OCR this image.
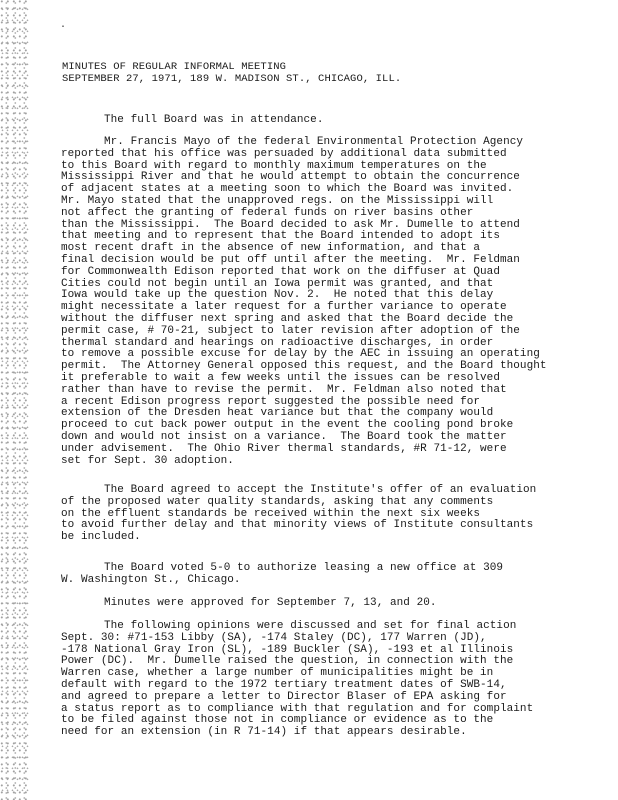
.
MINUTES OF REGULAR INFORMAL MEETING
SEPTEMBER 27, 1971, 189 W. MADISON ST., CHICAGO, ILL.
The full Board was in attendance.
Mr. Francis Mayo of the federal Environmental Protection Agency
reported that his office was persuaded by additional data submitted
to this Board with regard to monthly maximum temperatures on the
Mississippi River and that he would attempt to obtain the concurrence
of adjacent states at a meeting soon to which the Board was invited.
Mr. Mayo stated that the unapproved regs. on the Mississippi will
not affect the granting of federal funds on river basins other
than the Mississippi.  The Board decided to ask Mr. Dumelle to attend
that meeting and to represent that the Board intended to adopt its
most recent draft in the absence of new information, and that a
final decision would be put off until after the meeting.  Mr. Feldman
for Commonwealth Edison reported that work on the diffuser at Quad
Cities could not begin until an Iowa permit was granted, and that
Iowa would take up the question Nov. 2.  He noted that this delay
might necessitate a later request for a further variance to operate
without the diffuser next spring and asked that the Board decide the
permit case, # 70-21, subject to later revision after adoption of the
thermal standard and hearings on radioactive discharges, in order
to remove a possible excuse for delay by the AEC in issuing an operating
permit.  The Attorney General opposed this request, and the Board thought
it preferable to wait a few weeks until the issues can be resolved
rather than have to revise the permit.  Mr. Feldman also noted that
a recent Edison progress report suggested the possible need for
extension of the Dresden heat variance but that the company would
proceed to cut back power output in the event the cooling pond broke
down and would not insist on a variance.  The Board took the matter
under advisement.  The Ohio River thermal standards, #R 71-12, were
set for Sept. 30 adoption.
The Board agreed to accept the Institute's offer of an evaluation
of the proposed water quality standards, asking that any comments
on the effluent standards be received within the next six weeks
to avoid further delay and that minority views of Institute consultants
be included.
The Board voted 5-0 to authorize leasing a new office at 309
W. Washington St., Chicago.
Minutes were approved for September 7, 13, and 20.
The following opinions were discussed and set for final action
Sept. 30: #71-153 Libby (SA), -174 Staley (DC), 177 Warren (JD),
-178 National Gray Iron (SL), -189 Buckler (SA), -193 et al Illinois
Power (DC).  Mr. Dumelle raised the question, in connection with the
Warren case, whether a large number of municipalities might be in
default with regard to the 1972 tertiary treatment dates of SWB-14,
and agreed to prepare a letter to Director Blaser of EPA asking for
a status report as to compliance with that regulation and for complaint
to be filed against those not in compliance or evidence as to the
need for an extension (in R 71-14) if that appears desirable.
